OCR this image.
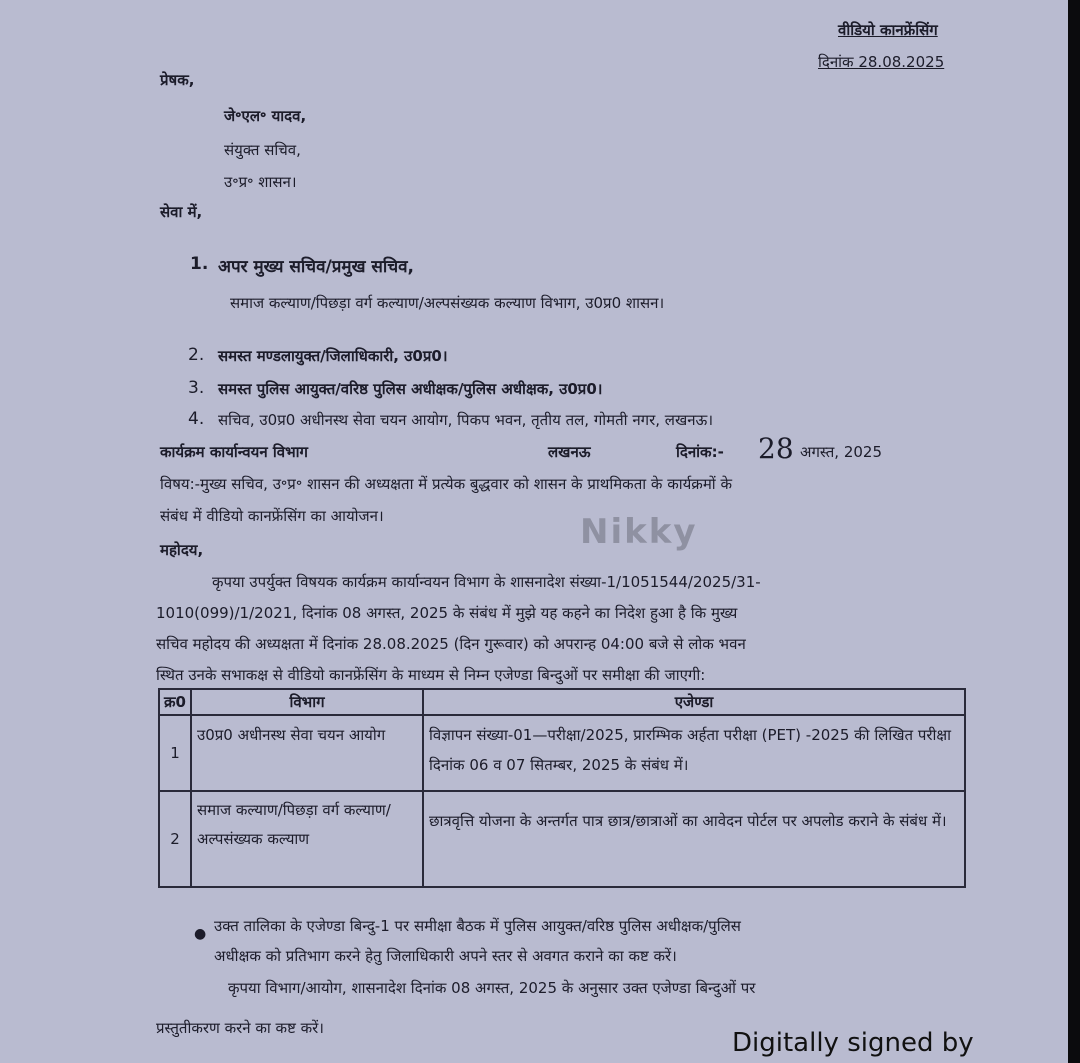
वीडियो कानफ्रेंसिंग
दिनांक 28.08.2025
प्रेषक,
जे॰एल॰ यादव,
संयुक्त सचिव,
उ॰प्र॰ शासन।
सेवा में,
1. अपर मुख्य सचिव/प्रमुख सचिव,
समाज कल्याण/पिछड़ा वर्ग कल्याण/अल्पसंख्यक कल्याण विभाग, उ0प्र0 शासन।
2. समस्त मण्डलायुक्त/जिलाधिकारी, उ0प्र0।
3. समस्त पुलिस आयुक्त/वरिष्ठ पुलिस अधीक्षक/पुलिस अधीक्षक, उ0प्र0।
4. सचिव, उ0प्र0 अधीनस्थ सेवा चयन आयोग, पिकप भवन, तृतीय तल, गोमती नगर, लखनऊ।
कार्यक्रम कार्यान्वयन विभाग	लखनऊ	दिनांक:- 28 अगस्त, 2025
विषय:-मुख्य सचिव, उ॰प्र॰ शासन की अध्यक्षता में प्रत्येक बुद्धवार को शासन के प्राथमिकता के कार्यक्रमों के
संबंध में वीडियो कानफ्रेंसिंग का आयोजन।	Nikky
महोदय,
कृपया उपर्युक्त विषयक कार्यक्रम कार्यान्वयन विभाग के शासनादेश संख्या-1/1051544/2025/31-
1010(099)/1/2021, दिनांक 08 अगस्त, 2025 के संबंध में मुझे यह कहने का निदेश हुआ है कि मुख्य
सचिव महोदय की अध्यक्षता में दिनांक 28.08.2025 (दिन गुरूवार) को अपरान्ह 04:00 बजे से लोक भवन
स्थित उनके सभाकक्ष से वीडियो कानफ्रेंसिंग के माध्यम से निम्न एजेण्डा बिन्दुओं पर समीक्षा की जाएगी:
क्र0	विभाग	एजेण्डा
1	उ0प्र0 अधीनस्थ सेवा चयन आयोग	विज्ञापन संख्या-01—परीक्षा/2025, प्रारम्भिक अर्हता परीक्षा (PET) -2025 की लिखित परीक्षा दिनांक 06 व 07 सितम्बर, 2025 के संबंध में।
2	समाज कल्याण/पिछड़ा वर्ग कल्याण/अल्पसंख्यक कल्याण	छात्रवृत्ति योजना के अन्तर्गत पात्र छात्र/छात्राओं का आवेदन पोर्टल पर अपलोड कराने के संबंध में।
● उक्त तालिका के एजेण्डा बिन्दु-1 पर समीक्षा बैठक में पुलिस आयुक्त/वरिष्ठ पुलिस अधीक्षक/पुलिस
अधीक्षक को प्रतिभाग करने हेतु जिलाधिकारी अपने स्तर से अवगत कराने का कष्ट करें।
कृपया विभाग/आयोग, शासनादेश दिनांक 08 अगस्त, 2025 के अनुसार उक्त एजेण्डा बिन्दुओं पर
प्रस्तुतीकरण करने का कष्ट करें।	Digitally signed by
